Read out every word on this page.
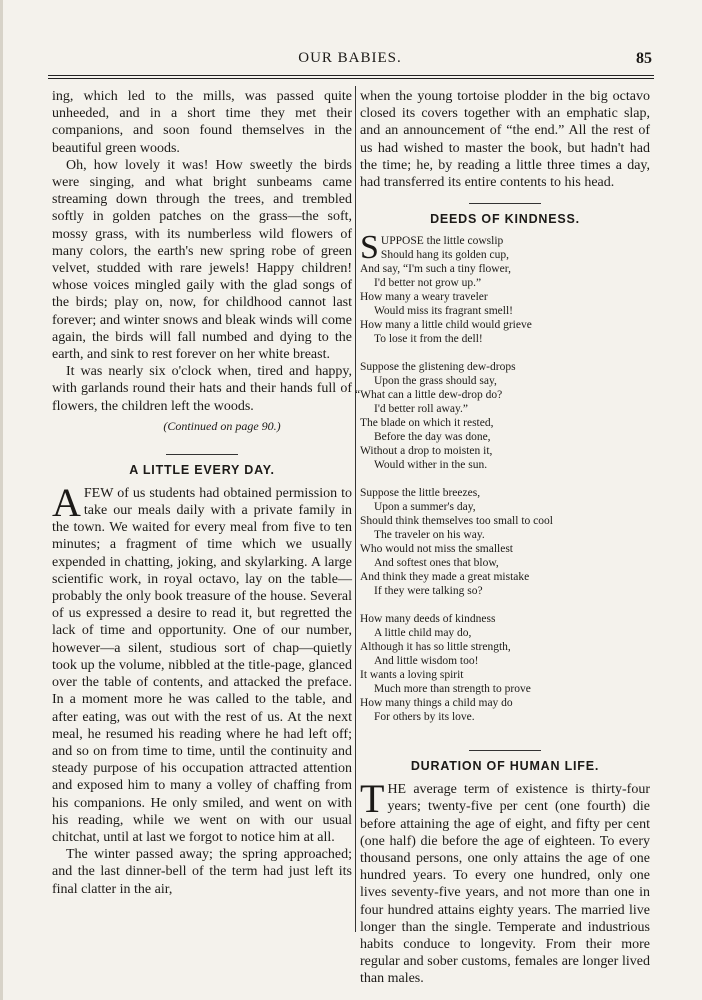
OUR BABIES.	85

ing, which led to the mills, was passed quite unheeded, and in a short time they met their companions, and soon found themselves in the beautiful green woods.

Oh, how lovely it was! How sweetly the birds were singing, and what bright sunbeams came streaming down through the trees, and trembled softly in golden patches on the grass—the soft, mossy grass, with its numberless wild flowers of many colors, the earth's new spring robe of green velvet, studded with rare jewels! Happy children! whose voices mingled gaily with the glad songs of the birds; play on, now, for childhood cannot last forever; and winter snows and bleak winds will come again, the birds will fall numbed and dying to the earth, and sink to rest forever on her white breast.

It was nearly six o'clock when, tired and happy, with garlands round their hats and their hands full of flowers, the children left the woods.

(Continued on page 90.)

A LITTLE EVERY DAY.

A FEW of us students had obtained permission to take our meals daily with a private family in the town. We waited for every meal from five to ten minutes; a fragment of time which we usually expended in chatting, joking, and skylarking. A large scientific work, in royal octavo, lay on the table—probably the only book treasure of the house. Several of us expressed a desire to read it, but regretted the lack of time and opportunity. One of our number, however—a silent, studious sort of chap—quietly took up the volume, nibbled at the title-page, glanced over the table of contents, and attacked the preface. In a moment more he was called to the table, and after eating, was out with the rest of us. At the next meal, he resumed his reading where he had left off; and so on from time to time, until the continuity and steady purpose of his occupation attracted attention and exposed him to many a volley of chaffing from his companions. He only smiled, and went on with his reading, while we went on with our usual chitchat, until at last we forgot to notice him at all.

The winter passed away; the spring approached; and the last dinner-bell of the term had just left its final clatter in the air,

when the young tortoise plodder in the big octavo closed its covers together with an emphatic slap, and an announcement of “the end.” All the rest of us had wished to master the book, but hadn't had the time; he, by reading a little three times a day, had transferred its entire contents to his head.

DEEDS OF KINDNESS.
S UPPOSE the little cowslip
Should hang its golden cup,
And say, “I'm such a tiny flower,
I'd better not grow up.”
How many a weary traveler
Would miss its fragrant smell!
How many a little child would grieve
To lose it from the dell!
Suppose the glistening dew-drops
Upon the grass should say,
“What can a little dew-drop do?
I'd better roll away.”
The blade on which it rested,
Before the day was done,
Without a drop to moisten it,
Would wither in the sun.
Suppose the little breezes,
Upon a summer's day,
Should think themselves too small to cool
The traveler on his way.
Who would not miss the smallest
And softest ones that blow,
And think they made a great mistake
If they were talking so?
How many deeds of kindness
A little child may do,
Although it has so little strength,
And little wisdom too!
It wants a loving spirit
Much more than strength to prove
How many things a child may do
For others by its love.
DURATION OF HUMAN LIFE.

THE average term of existence is thirty-four years; twenty-five per cent (one fourth) die before attaining the age of eight, and fifty per cent (one half) die before the age of eighteen. To every thousand persons, one only attains the age of one hundred years. To every one hundred, only one lives seventy-five years, and not more than one in four hundred attains eighty years. The married live longer than the single. Temperate and industrious habits conduce to longevity. From their more regular and sober customs, females are longer lived than males.
